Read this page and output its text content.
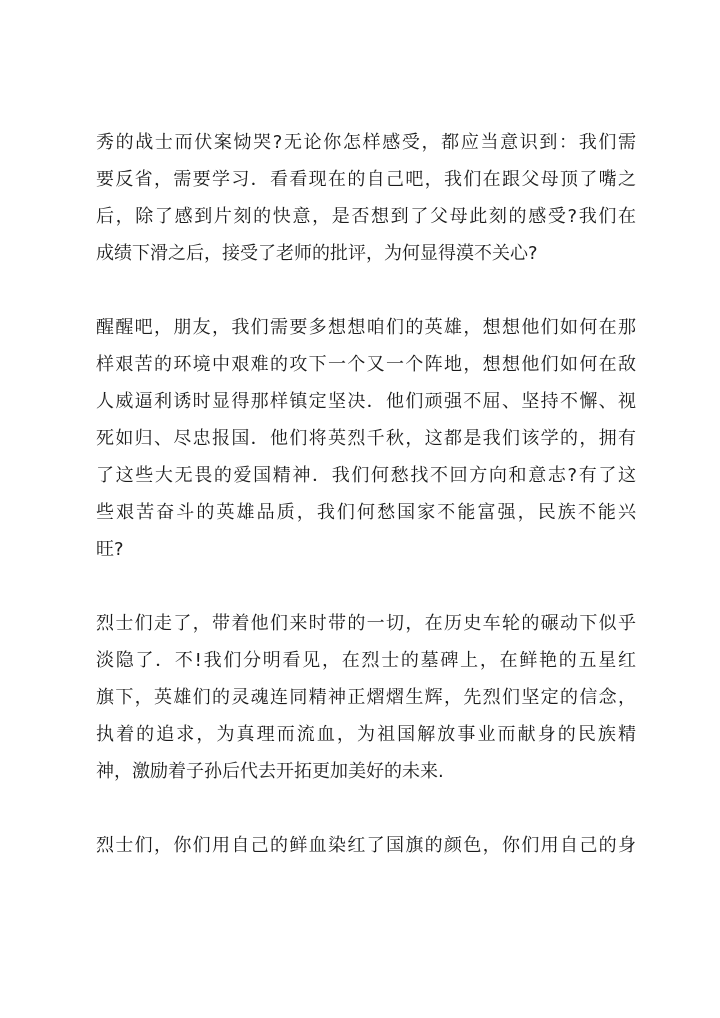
秀的战士而伏案恸哭?无论你怎样感受，都应当意识到：我们需
要反省，需要学习．看看现在的自己吧，我们在跟父母顶了嘴之
后，除了感到片刻的快意，是否想到了父母此刻的感受?我们在
成绩下滑之后，接受了老师的批评，为何显得漠不关心?
醒醒吧，朋友，我们需要多想想咱们的英雄，想想他们如何在那
样艰苦的环境中艰难的攻下一个又一个阵地，想想他们如何在敌
人威逼利诱时显得那样镇定坚决．他们顽强不屈、坚持不懈、视
死如归、尽忠报国．他们将英烈千秋，这都是我们该学的，拥有
了这些大无畏的爱国精神．我们何愁找不回方向和意志?有了这
些艰苦奋斗的英雄品质，我们何愁国家不能富强，民族不能兴
旺?
烈士们走了，带着他们来时带的一切，在历史车轮的碾动下似乎
淡隐了．不!我们分明看见，在烈士的墓碑上，在鲜艳的五星红
旗下，英雄们的灵魂连同精神正熠熠生辉，先烈们坚定的信念，
执着的追求，为真理而流血，为祖国解放事业而献身的民族精
神，激励着子孙后代去开拓更加美好的未来.
烈士们，你们用自己的鲜血染红了国旗的颜色，你们用自己的身
